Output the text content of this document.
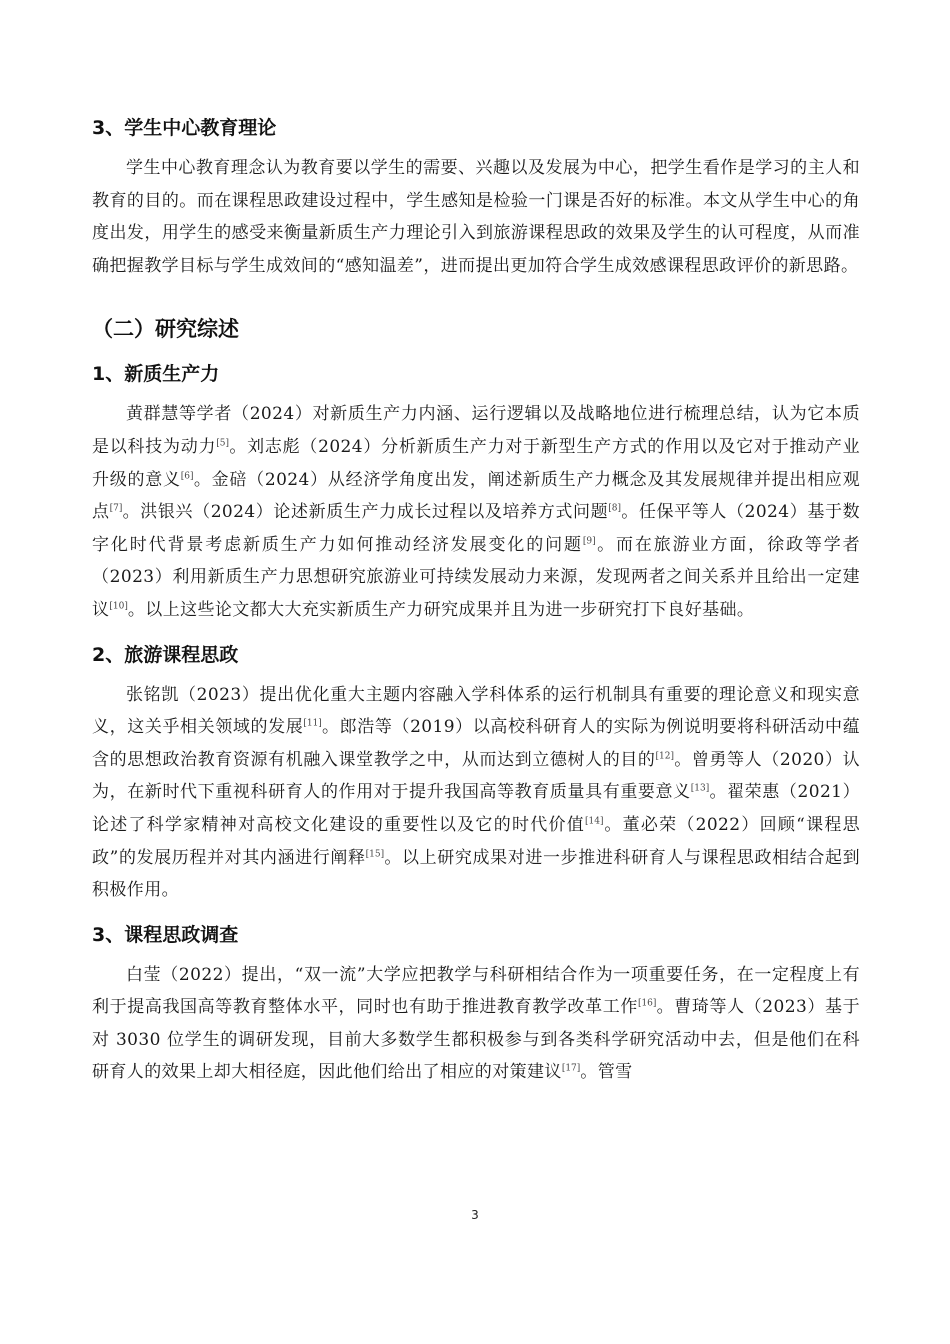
3、学生中心教育理论

学生中心教育理念认为教育要以学生的需要、兴趣以及发展为中心，把学生看作是学习的主人和教育的目的。而在课程思政建设过程中，学生感知是检验一门课是否好的标准。本文从学生中心的角度出发，用学生的感受来衡量新质生产力理论引入到旅游课程思政的效果及学生的认可程度，从而准确把握教学目标与学生成效间的“感知温差”，进而提出更加符合学生成效感课程思政评价的新思路。

（二）研究综述
1、新质生产力

黄群慧等学者（2024）对新质生产力内涵、运行逻辑以及战略地位进行梳理总结，认为它本质是以科技为动力[5]。刘志彪（2024）分析新质生产力对于新型生产方式的作用以及它对于推动产业升级的意义[6]。金碚（2024）从经济学角度出发，阐述新质生产力概念及其发展规律并提出相应观点[7]。洪银兴（2024）论述新质生产力成长过程以及培养方式问题[8]。任保平等人（2024）基于数字化时代背景考虑新质生产力如何推动经济发展变化的问题[9]。而在旅游业方面，徐政等学者（2023）利用新质生产力思想研究旅游业可持续发展动力来源，发现两者之间关系并且给出一定建议[10]。以上这些论文都大大充实新质生产力研究成果并且为进一步研究打下良好基础。

2、旅游课程思政

张铭凯（2023）提出优化重大主题内容融入学科体系的运行机制具有重要的理论意义和现实意义，这关乎相关领域的发展[11]。郎浩等（2019）以高校科研育人的实际为例说明要将科研活动中蕴含的思想政治教育资源有机融入课堂教学之中，从而达到立德树人的目的[12]。曾勇等人（2020）认为，在新时代下重视科研育人的作用对于提升我国高等教育质量具有重要意义[13]。翟荣惠（2021）论述了科学家精神对高校文化建设的重要性以及它的时代价值[14]。董必荣（2022）回顾“课程思政”的发展历程并对其内涵进行阐释[15]。以上研究成果对进一步推进科研育人与课程思政相结合起到积极作用。

3、课程思政调查

白莹（2022）提出，“双一流”大学应把教学与科研相结合作为一项重要任务，在一定程度上有利于提高我国高等教育整体水平，同时也有助于推进教育教学改革工作[16]。曹琦等人（2023）基于对 3030 位学生的调研发现，目前大多数学生都积极参与到各类科学研究活动中去，但是他们在科研育人的效果上却大相径庭，因此他们给出了相应的对策建议[17]。管雪

3
